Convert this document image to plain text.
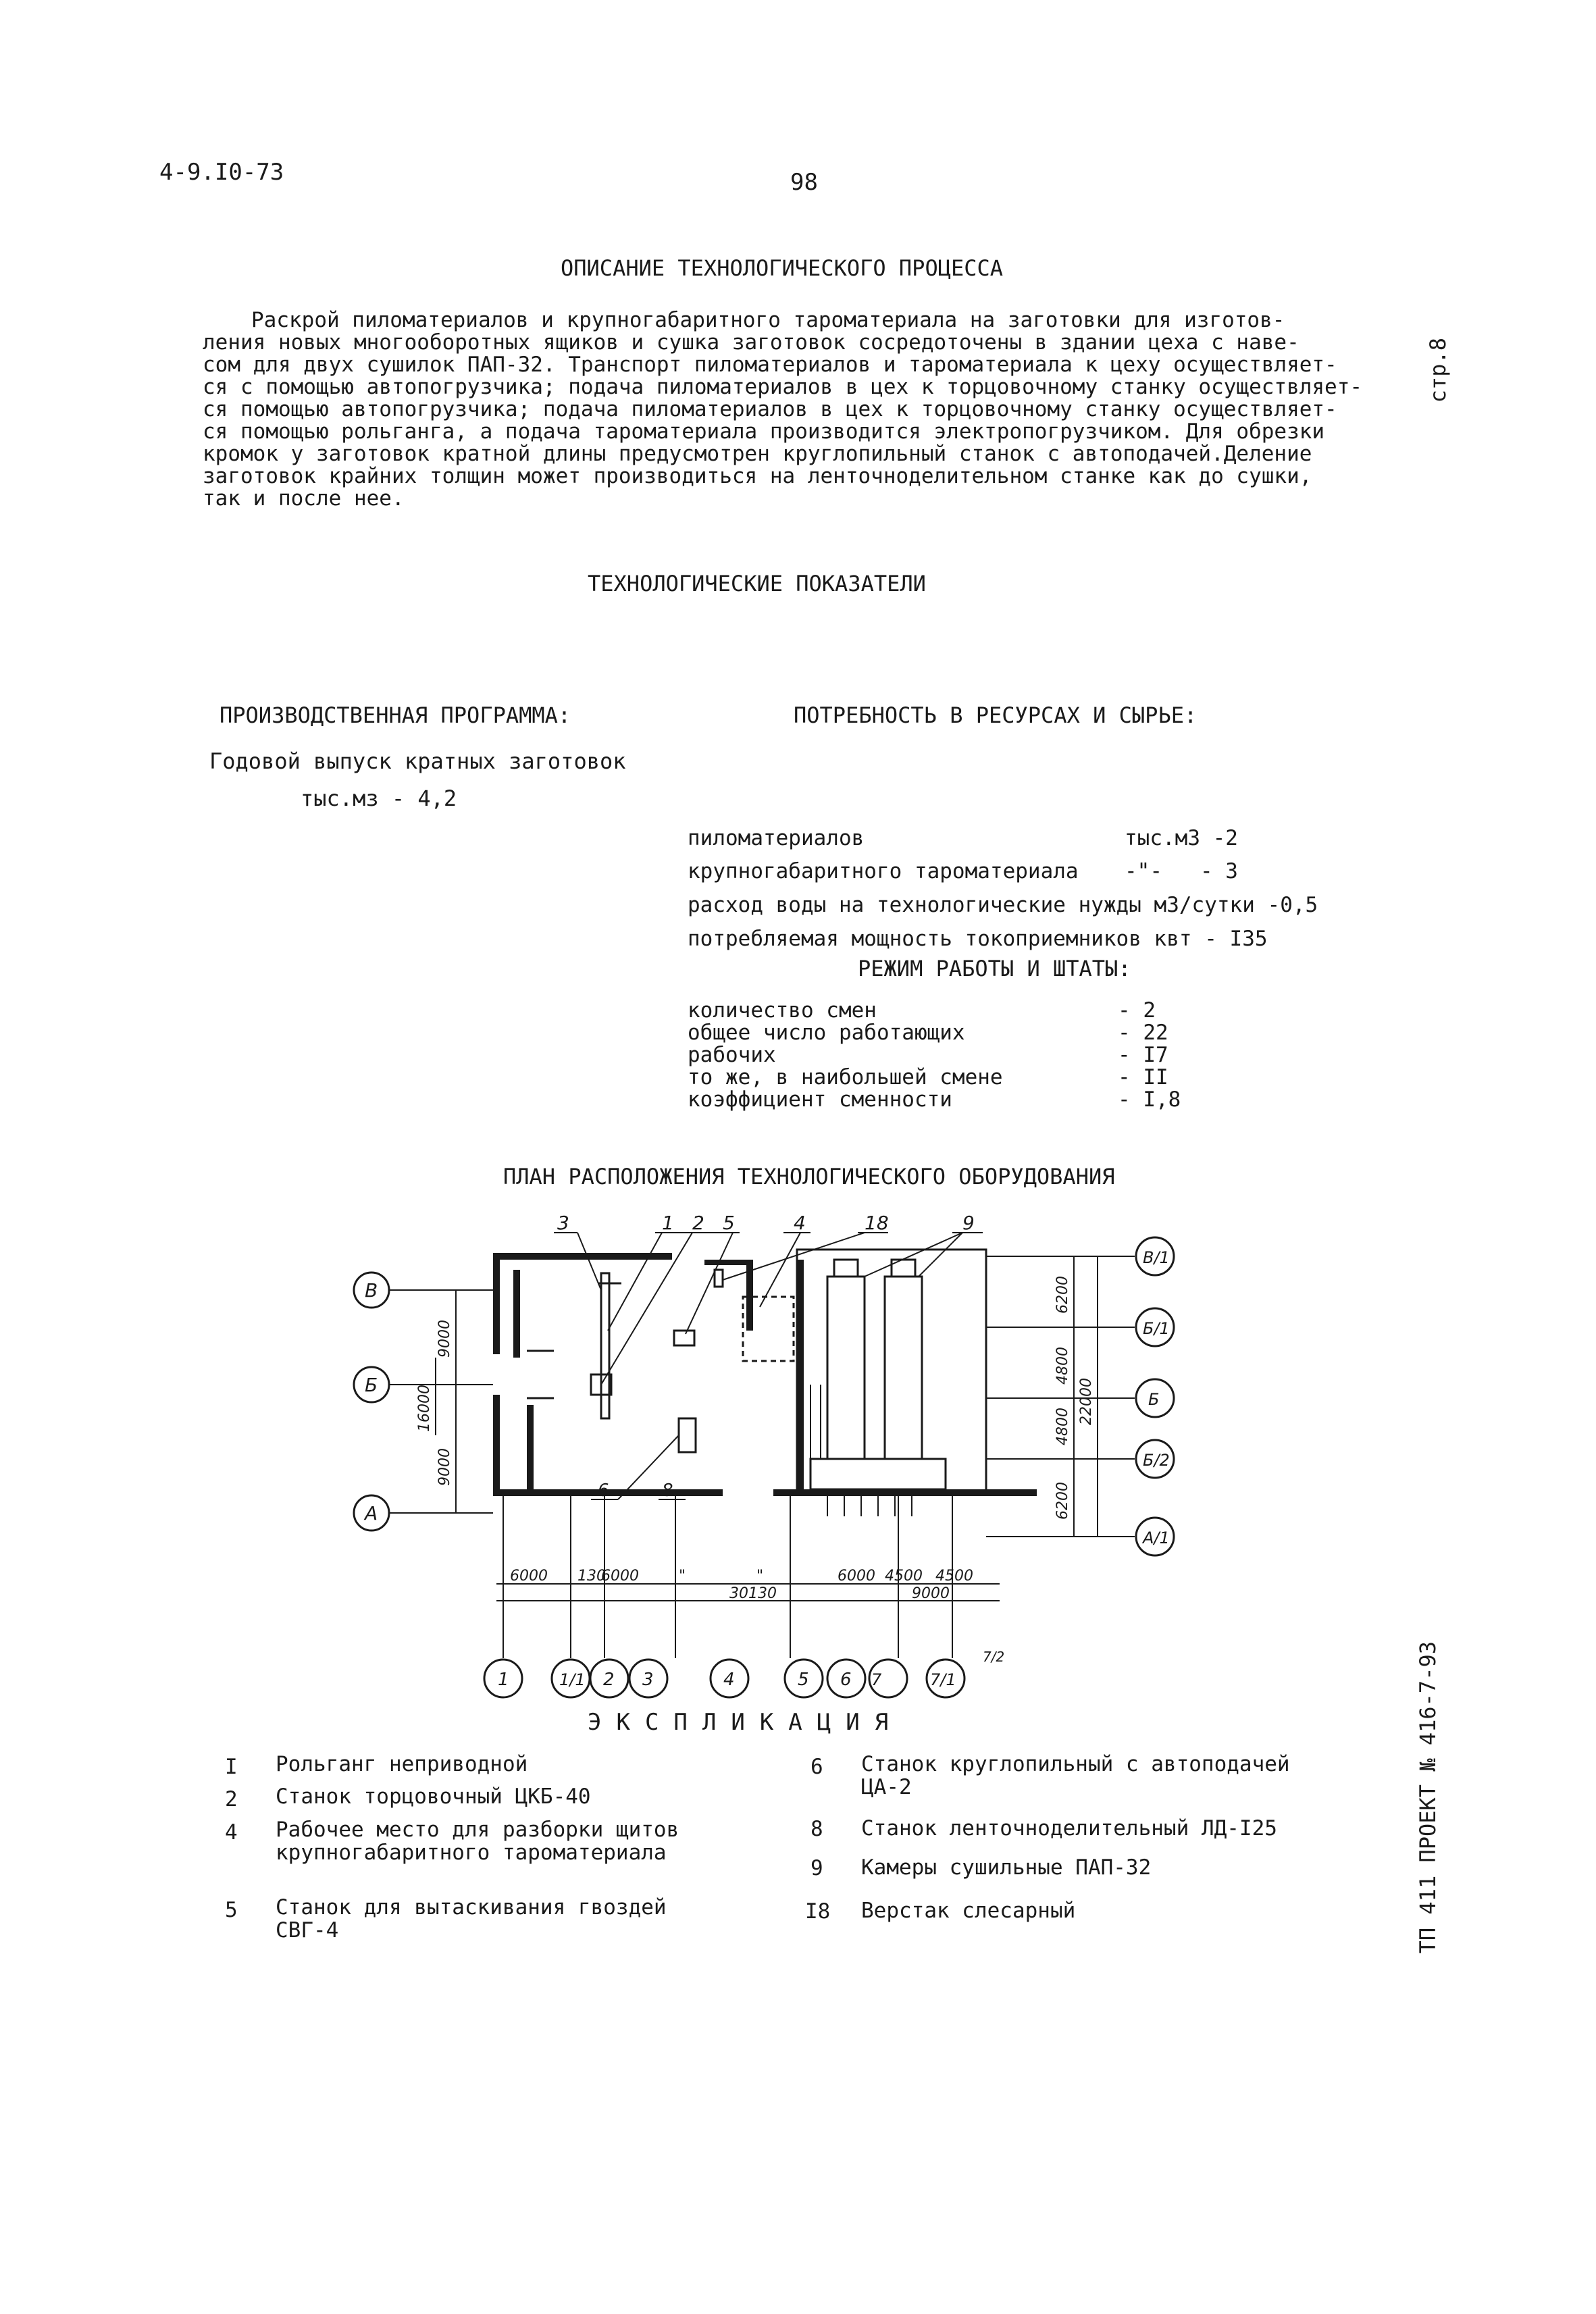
4-9.I0-73	98
стр.8
ТП 411 ПРОЕКТ № 416-7-93
ОПИСАНИЕ ТЕХНОЛОГИЧЕСКОГО ПРОЦЕССА
Раскрой пиломатериалов и крупногабаритного таромaтериала на заготовки для изготов-
ления новых многооборотных ящиков и сушка заготовок сосредоточены в здании цеха с наве-
сом для двух сушилок ПАП-32. Транспорт пиломатериалов и таромaтериала к цеху осуществляет-
ся с помощью автопогрузчика; подача пиломатериалов в цех к торцовочному станку осуществляет-
ся помощью автопогрузчика; подача пиломатериалов в цех к торцовочному станку осуществляет-
ся помощью рольганга, а подача таромaтериала производится электропогрузчиком. Для обрезки
кромок у заготовок кратной длины предусмотрен круглопильный станок с автоподачей.Деление
заготовок крайних толщин может производиться на ленточноделительном станке как до сушки,
так и после нее.
ТЕХНОЛОГИЧЕСКИЕ ПОКАЗАТЕЛИ
ПРОИЗВОДСТВЕННАЯ ПРОГРАММА:	ПОТРЕБНОСТЬ В РЕСУРСАХ И СЫРЬЕ:
Годовой выпуск кратных заготовок
тыс.мз - 4,2
пиломатериалов	тыс.м3 -2
крупногабаритного таромaтериала -"-   - 3
расход воды на технологические нужды м3/сутки -0,5
потребляемая мощность токоприемников квт - I35
РЕЖИМ РАБОТЫ И ШТАТЫ:
количество смен	- 2
общее число работающих	- 22
рабочих	- I7
то же, в наибольшей смене	- II
коэффициент сменности	- I,8
ПЛАН РАСПОЛОЖЕНИЯ ТЕХНОЛОГИЧЕСКОГО ОБОРУДОВАНИЯ
3	1 2 5	4	18	9
6	8
В
Б
А
9000
16000
9000
6200
4800
4800
6200
22000
В/1
Б/1
Б
Б/2
А/1
6000 130
6000	"	"	6000 4500 4500
30130	9000
1	1/1 2 3	4	5 6 7	7/1
7/2
ЭКСПЛИКАЦИЯ
I Рольганг неприводной
2 Станок торцовочный ЦКБ-40
4 Рабочее место для разборки щитов
крупногабаритного таромaтериала
5 Станок для вытаскивания гвоздей
СВГ-4
6 Станок круглопильный с автоподачей
ЦА-2
8 Станок ленточноделительный ЛД-I25
9 Камеры сушильные ПАП-32
I8 Верстак слесарный
